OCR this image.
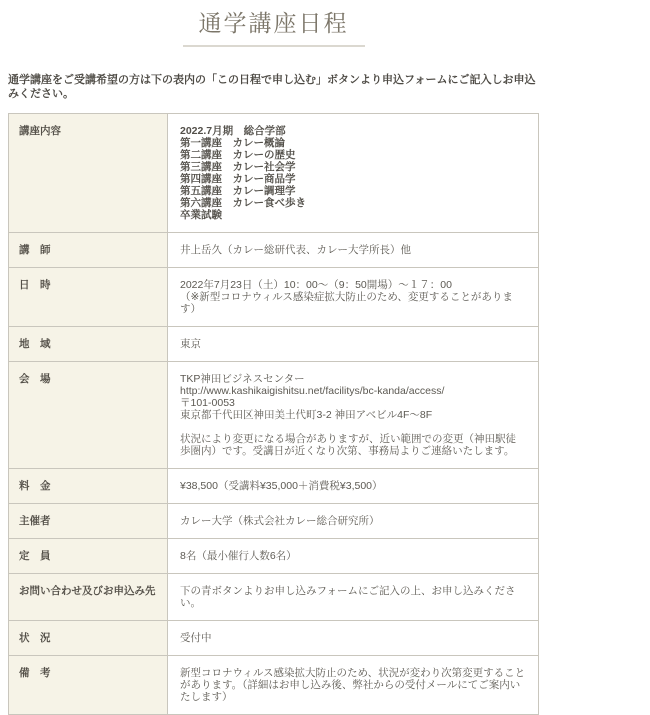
通学講座日程

通学講座をご受講希望の方は下の表内の「この日程で申し込む」ボタンより申込フォームにご記入しお申込みください。

講座内容	2022.7月期　総合学部
第一講座　カレー概論
第二講座　カレーの歴史
第三講座　カレー社会学
第四講座　カレー商品学
第五講座　カレー調理学
第六講座　カレー食べ歩き
卒業試験
講　師	井上岳久（カレー総研代表、カレー大学所長）他
日　時	2022年7月23日（土）10：00～（9：50開場）～１７：00
（※新型コロナウィルス感染症拡大防止のため、変更することがあります）
地　域	東京
会　場	TKP神田ビジネスセンター
http://www.kashikaigishitsu.net/facilitys/bc-kanda/access/
〒101-0053
東京都千代田区神田美土代町3-2 神田アベビル4F～8F

状況により変更になる場合がありますが、近い範囲での変更（神田駅徒歩圏内）です。受講日が近くなり次第、事務局よりご連絡いたします。
料　金	¥38,500（受講料¥35,000＋消費税¥3,500）
主催者	カレー大学（株式会社カレー総合研究所）
定　員	8名（最小催行人数6名）
お問い合わせ及びお申込み先	下の青ボタンよりお申し込みフォームにご記入の上、お申し込みください。
状　況	受付中
備　考	新型コロナウィルス感染拡大防止のため、状況が変わり次第変更することがあります。（詳細はお申し込み後、弊社からの受付メールにてご案内いたします）
